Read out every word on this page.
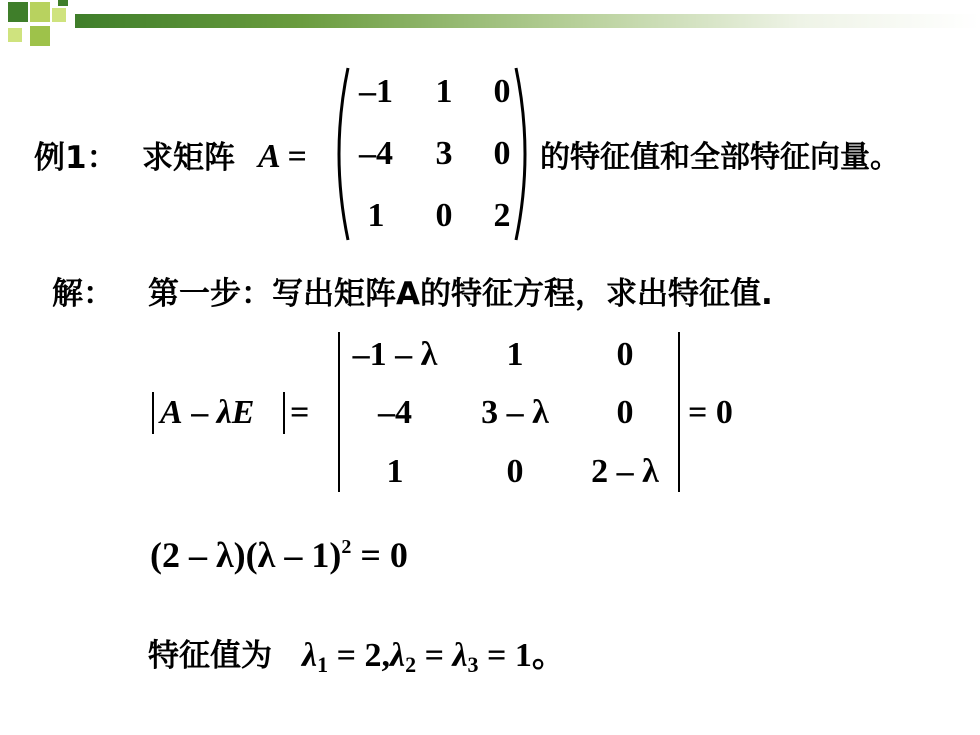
例1： 求矩阵 A =
–1	1	0
–4	3	0
1	0	2
的特征值和全部特征向量。
解： 第一步：写出矩阵A的特征方程，求出特征值.
A – λE =
–1 – λ	1	0
–4	3 – λ	0
1	0	2 – λ
= 0
(2 – λ)(λ – 1)$^2$ = 0
特征值为 $\lambda_1 = 2,\lambda_2 = \lambda_3 = 1$。
